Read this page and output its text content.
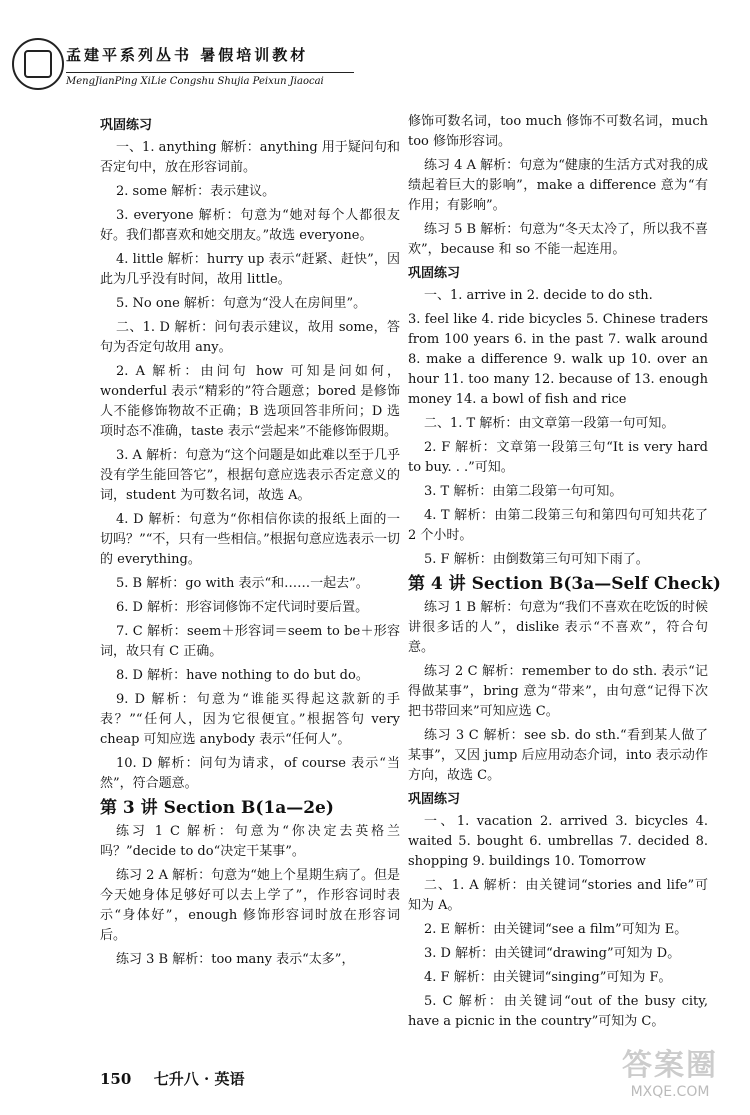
孟建平系列丛书 暑假培训教材
MengJianPing XiLie Congshu Shujia Peixun Jiaocai

巩固练习

一、1. anything 解析：anything 用于疑问句和否定句中，放在形容词前。

2. some 解析：表示建议。

3. everyone 解析：句意为“她对每个人都很友好。我们都喜欢和她交朋友。”故选 everyone。

4. little 解析：hurry up 表示“赶紧、赶快”，因此为几乎没有时间，故用 little。

5. No one 解析：句意为“没人在房间里”。

二、1. D 解析：问句表示建议，故用 some，答句为否定句故用 any。

2. A 解析：由问句 how 可知是问如何，wonderful 表示“精彩的”符合题意；bored 是修饰人不能修饰物故不正确；B 选项回答非所问；D 选项时态不准确，taste 表示“尝起来”不能修饰假期。

3. A 解析：句意为“这个问题是如此难以至于几乎没有学生能回答它”，根据句意应选表示否定意义的词，student 为可数名词，故选 A。

4. D 解析：句意为“你相信你读的报纸上面的一切吗？”“不，只有一些相信。”根据句意应选表示一切的 everything。

5. B 解析：go with 表示“和……一起去”。

6. D 解析：形容词修饰不定代词时要后置。

7. C 解析：seem＋形容词＝seem to be＋形容词，故只有 C 正确。

8. D 解析：have nothing to do but do。

9. D 解析：句意为“谁能买得起这款新的手表？”“任何人，因为它很便宜。”根据答句 very cheap 可知应选 anybody 表示“任何人”。

10. D 解析：问句为请求，of course 表示“当然”，符合题意。

第 3 讲 Section B(1a—2e)

练习 1 C 解析：句意为“你决定去英格兰吗？”decide to do“决定干某事”。

练习 2 A 解析：句意为“她上个星期生病了。但是今天她身体足够好可以去上学了”，作形容词时表示“身体好”，enough 修饰形容词时放在形容词后。

练习 3 B 解析：too many 表示“太多”，

修饰可数名词，too much 修饰不可数名词，much too 修饰形容词。

练习 4 A 解析：句意为“健康的生活方式对我的成绩起着巨大的影响”，make a difference 意为“有作用；有影响”。

练习 5 B 解析：句意为“冬天太冷了，所以我不喜欢”，because 和 so 不能一起连用。

巩固练习

一、1. arrive in 2. decide to do sth.

3. feel like 4. ride bicycles 5. Chinese traders from 100 years 6. in the past 7. walk around 8. make a difference 9. walk up 10. over an hour 11. too many 12. because of 13. enough money 14. a bowl of fish and rice

二、1. T 解析：由文章第一段第一句可知。

2. F 解析：文章第一段第三句“It is very hard to buy. . .”可知。

3. T 解析：由第二段第一句可知。

4. T 解析：由第二段第三句和第四句可知共花了 2 个小时。

5. F 解析：由倒数第三句可知下雨了。

第 4 讲 Section B(3a—Self Check)

练习 1 B 解析：句意为“我们不喜欢在吃饭的时候讲很多话的人”，dislike 表示“不喜欢”，符合句意。

练习 2 C 解析：remember to do sth. 表示“记得做某事”，bring 意为“带来”，由句意“记得下次把书带回来”可知应选 C。

练习 3 C 解析：see sb. do sth.“看到某人做了某事”，又因 jump 后应用动态介词，into 表示动作方向，故选 C。

巩固练习

一、1. vacation 2. arrived 3. bicycles 4. waited 5. bought 6. umbrellas 7. decided 8. shopping 9. buildings 10. Tomorrow

二、1. A 解析：由关键词“stories and life”可知为 A。

2. E 解析：由关键词“see a film”可知为 E。

3. D 解析：由关键词“drawing”可知为 D。

4. F 解析：由关键词“singing”可知为 F。

5. C 解析：由关键词“out of the busy city, have a picnic in the country”可知为 C。

150 七升八 · 英语	答案圈
MXQE.COM
